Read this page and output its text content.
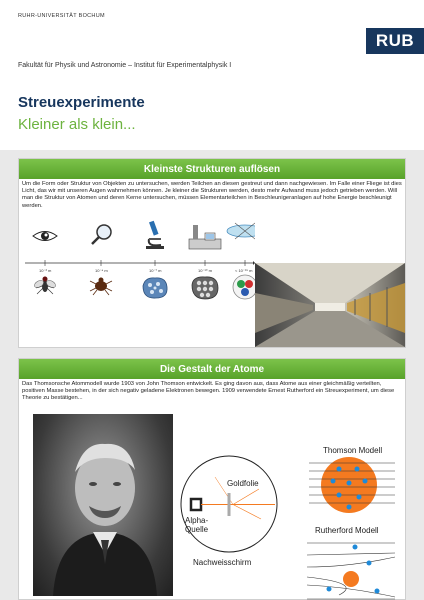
RUHR-UNIVERSITÄT BOCHUM
RUB
Fakultät für Physik und Astronomie – Institut für Experimentalphysik I
Streuexperimente
Kleiner als klein...
Kleinste Strukturen auflösen
Um die Form oder Struktur von Objekten zu untersuchen, werden Teilchen an diesen gestreut und dann nachgewiesen. Im Falle einer Fliege ist dies Licht, das wir mit unseren Augen wahrnehmen können. Je kleiner die Strukturen werden, desto mehr Aufwand muss jedoch getrieben werden. Will man die Struktur von Atomen und deren Kerne untersuchen, müssen Elementarteilchen in Beschleunigeranlagen auf hohe Energie beschleunigt werden.
10⁻³ m	10⁻⁴ m	10⁻⁷ m	10⁻¹⁰ m	< 10⁻¹⁵ m
Die Gestalt der Atome
Das Thomsonsche Atommodell wurde 1903 von John Thomson entwickelt. Es ging davon aus, dass Atome aus einer gleichmäßig verteilten, positiven Masse bestehen, in der sich negativ geladene Elektronen bewegen. 1909 verwendete Ernest Rutherford ein Streuexperiment, um diese Theorie zu bestätigen...
Goldfolie
Alpha-
Quelle
Nachweisschirm
Thomson Modell
Rutherford Modell
